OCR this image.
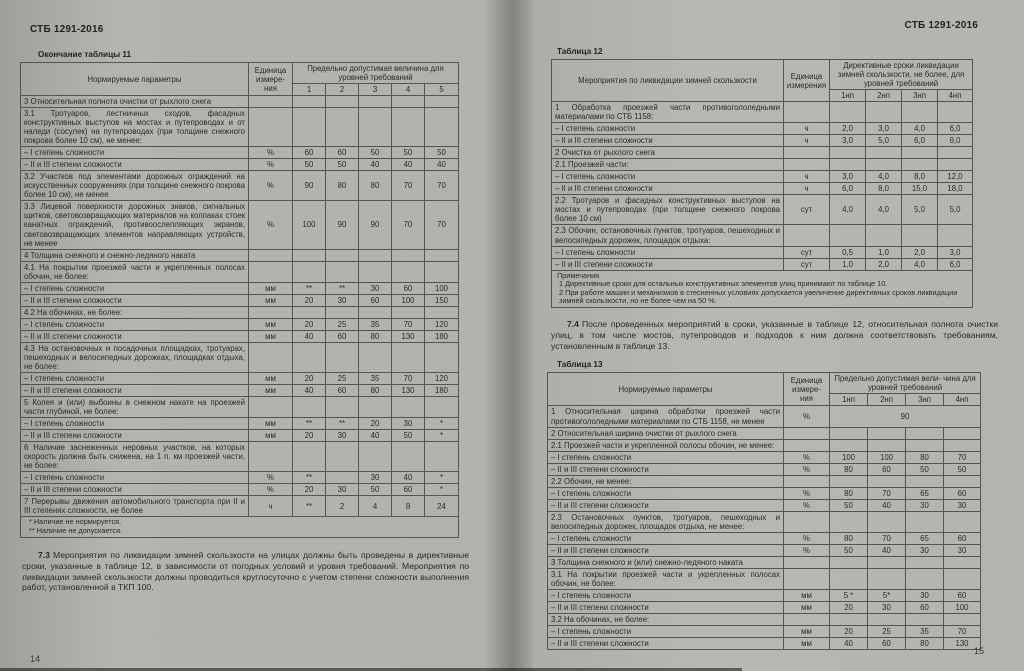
СТБ 1291-2016
Окончание таблицы 11
Нормируемые параметры	Единица измере- ния	Предельно допустимая величина для уровней требований				
		1	2	3	4	5
3 Относительная полнота очистки от рыхлого снега						
3.1 Тротуаров, лестничных сходов, фасадных конструктивных выступов на мостах и путепроводах и от наледи (сосулек) на путепроводах (при толщине снежного покрова более 10 см), не менее:						
– I степень сложности	%	60	60	50	50	50
– II и III степени сложности	%	50	50	40	40	40
3.2 Участков под элементами дорожных ограждений на искусственных сооружениях (при толщине снежного покрова более 10 см), не менее	%	90	80	80	70	70
3.3 Лицевой поверхности дорожных знаков, сигнальных щитков, световозвращающих материалов на колпаках стоек канатных ограждений, противоослепляющих экранов, световозвращающих элементов направляющих устройств, не менее	%	100	90	90	70	70
4 Толщина снежного и снежно-ледяного наката						
4.1 На покрытии проезжей части и укрепленных полосах обочин, не более:						
– I степень сложности	мм	**	**	30	60	100
– II и III степени сложности	мм	20	30	60	100	150
4.2 На обочинах, не более:						
– I степень сложности	мм	20	25	35	70	120
– II и III степени сложности	мм	40	60	80	130	180
4.3 На остановочных и посадочных площадках, тротуарах, пешеходных и велосипедных дорожках, площадках отдыха, не более:						
– I степень сложности	мм	20	25	35	70	120
– II и III степени сложности	мм	40	60	80	130	180
5 Колея и (или) выбоины в снежном накате на проезжей части глубиной, не более:						
– I степень сложности	мм	**	**	20	30	*
– II и III степени сложности	мм	20	30	40	50	*
6 Наличие заснеженных неровных участков, на которых скорость должна быть снижена, на 1 п. км проезжей части, не более:						
– I степень сложности	%	**		30	40	*
– II и III степени сложности	%	20	30	50	60	*
7 Перерывы движения автомобильного транспорта при II и III степенях сложности, не более	ч	**	2	4	8	24

* Наличие не нормируется.
** Наличие не допускается.						

7.3 Мероприятия по ликвидации зимней скользкости на улицах должны быть проведены в директивные сроки, указанные в таблице 12, в зависимости от погодных условий и уровня требований. Мероприятия по ликвидации зимней скользкости должны проводиться круглосуточно с учетом степени сложности выполнения работ, установленной в ТКП 100.

14
СТБ 1291-2016
Таблица 12
Мероприятия по ликвидации зимней скользкости	Единица измерения	Директивные сроки ликвидации зимней скользкости, не более, для уровней требований			
		1нп	2нп	3нп	4нп
1 Обработка проезжей части противогололедными материалами по СТБ 1158:					
– I степень сложности	ч	2,0	3,0	4,0	6,0
– II и III степени сложности	ч	3,0	5,0	6,0	9,0
2 Очистка от рыхлого снега					
2.1 Проезжей части:					
– I степень сложности	ч	3,0	4,0	8,0	12,0
– II и III степени сложности	ч	6,0	8,0	15,0	18,0
2.2 Тротуаров и фасадных конструктивных выступов на мостах и путепроводах (при толщине снежного покрова более 10 см)	сут	4,0	4,0	5,0	5,0
2.3 Обочин, остановочных пунктов, тротуаров, пешеходных и велосипедных дорожек, площадок отдыха:					
– I степень сложности	сут	0,5	1,0	2,0	3,0
– II и III степени сложности	сут	1,0	2,0	4,0	6,0

Примечания
1 Директивные сроки для остальных конструктивных элементов улиц принимают по таблице 10.
2 При работе машин и механизмов в стесненных условиях допускается увеличение директивных сроков ликвидации зимней скользкости, но не более чем на 50 %.					

7.4 После проведенных мероприятий в сроки, указанные в таблице 12, относительная полнота очистки улиц, в том числе мостов, путепроводов и подходов к ним должна соответствовать требованиям, установленным в таблице 13.

Таблица 13
Нормируемые параметры	Единица измере- ния	Предельно допустимая вели- чина для уровней требований			
		1нп	2нп	3нп	4нп
1 Относительная ширина обработки проезжей части противогололедными материалами по СТБ 1158, не менее	%	90			
2 Относительная ширина очистки от рыхлого снега					
2.1 Проезжей части и укрепленной полосы обочин, не менее:					
– I степень сложности	%	100	100	80	70
– II и III степени сложности	%	80	60	50	50
2.2 Обочин, не менее:					
– I степень сложности	%	80	70	65	60
– II и III степени сложности	%	50	40	30	30
2.3 Остановочных пунктов, тротуаров, пешеходных и велосипедных дорожек, площадок отдыха, не менее:					
– I степень сложности	%	80	70	65	60
– II и III степени сложности	%	50	40	30	30
3 Толщина снежного и (или) снежно-ледяного наката					
3.1 На покрытии проезжей части и укрепленных полосах обочин, не более:					
– I степень сложности	мм	5 *	5*	30	60
– II и III степени сложности	мм	20	30	60	100
3.2 На обочинах, не более:					
– I степень сложности	мм	20	25	35	70
– II и III степени сложности	мм	40	60	80	130
15
